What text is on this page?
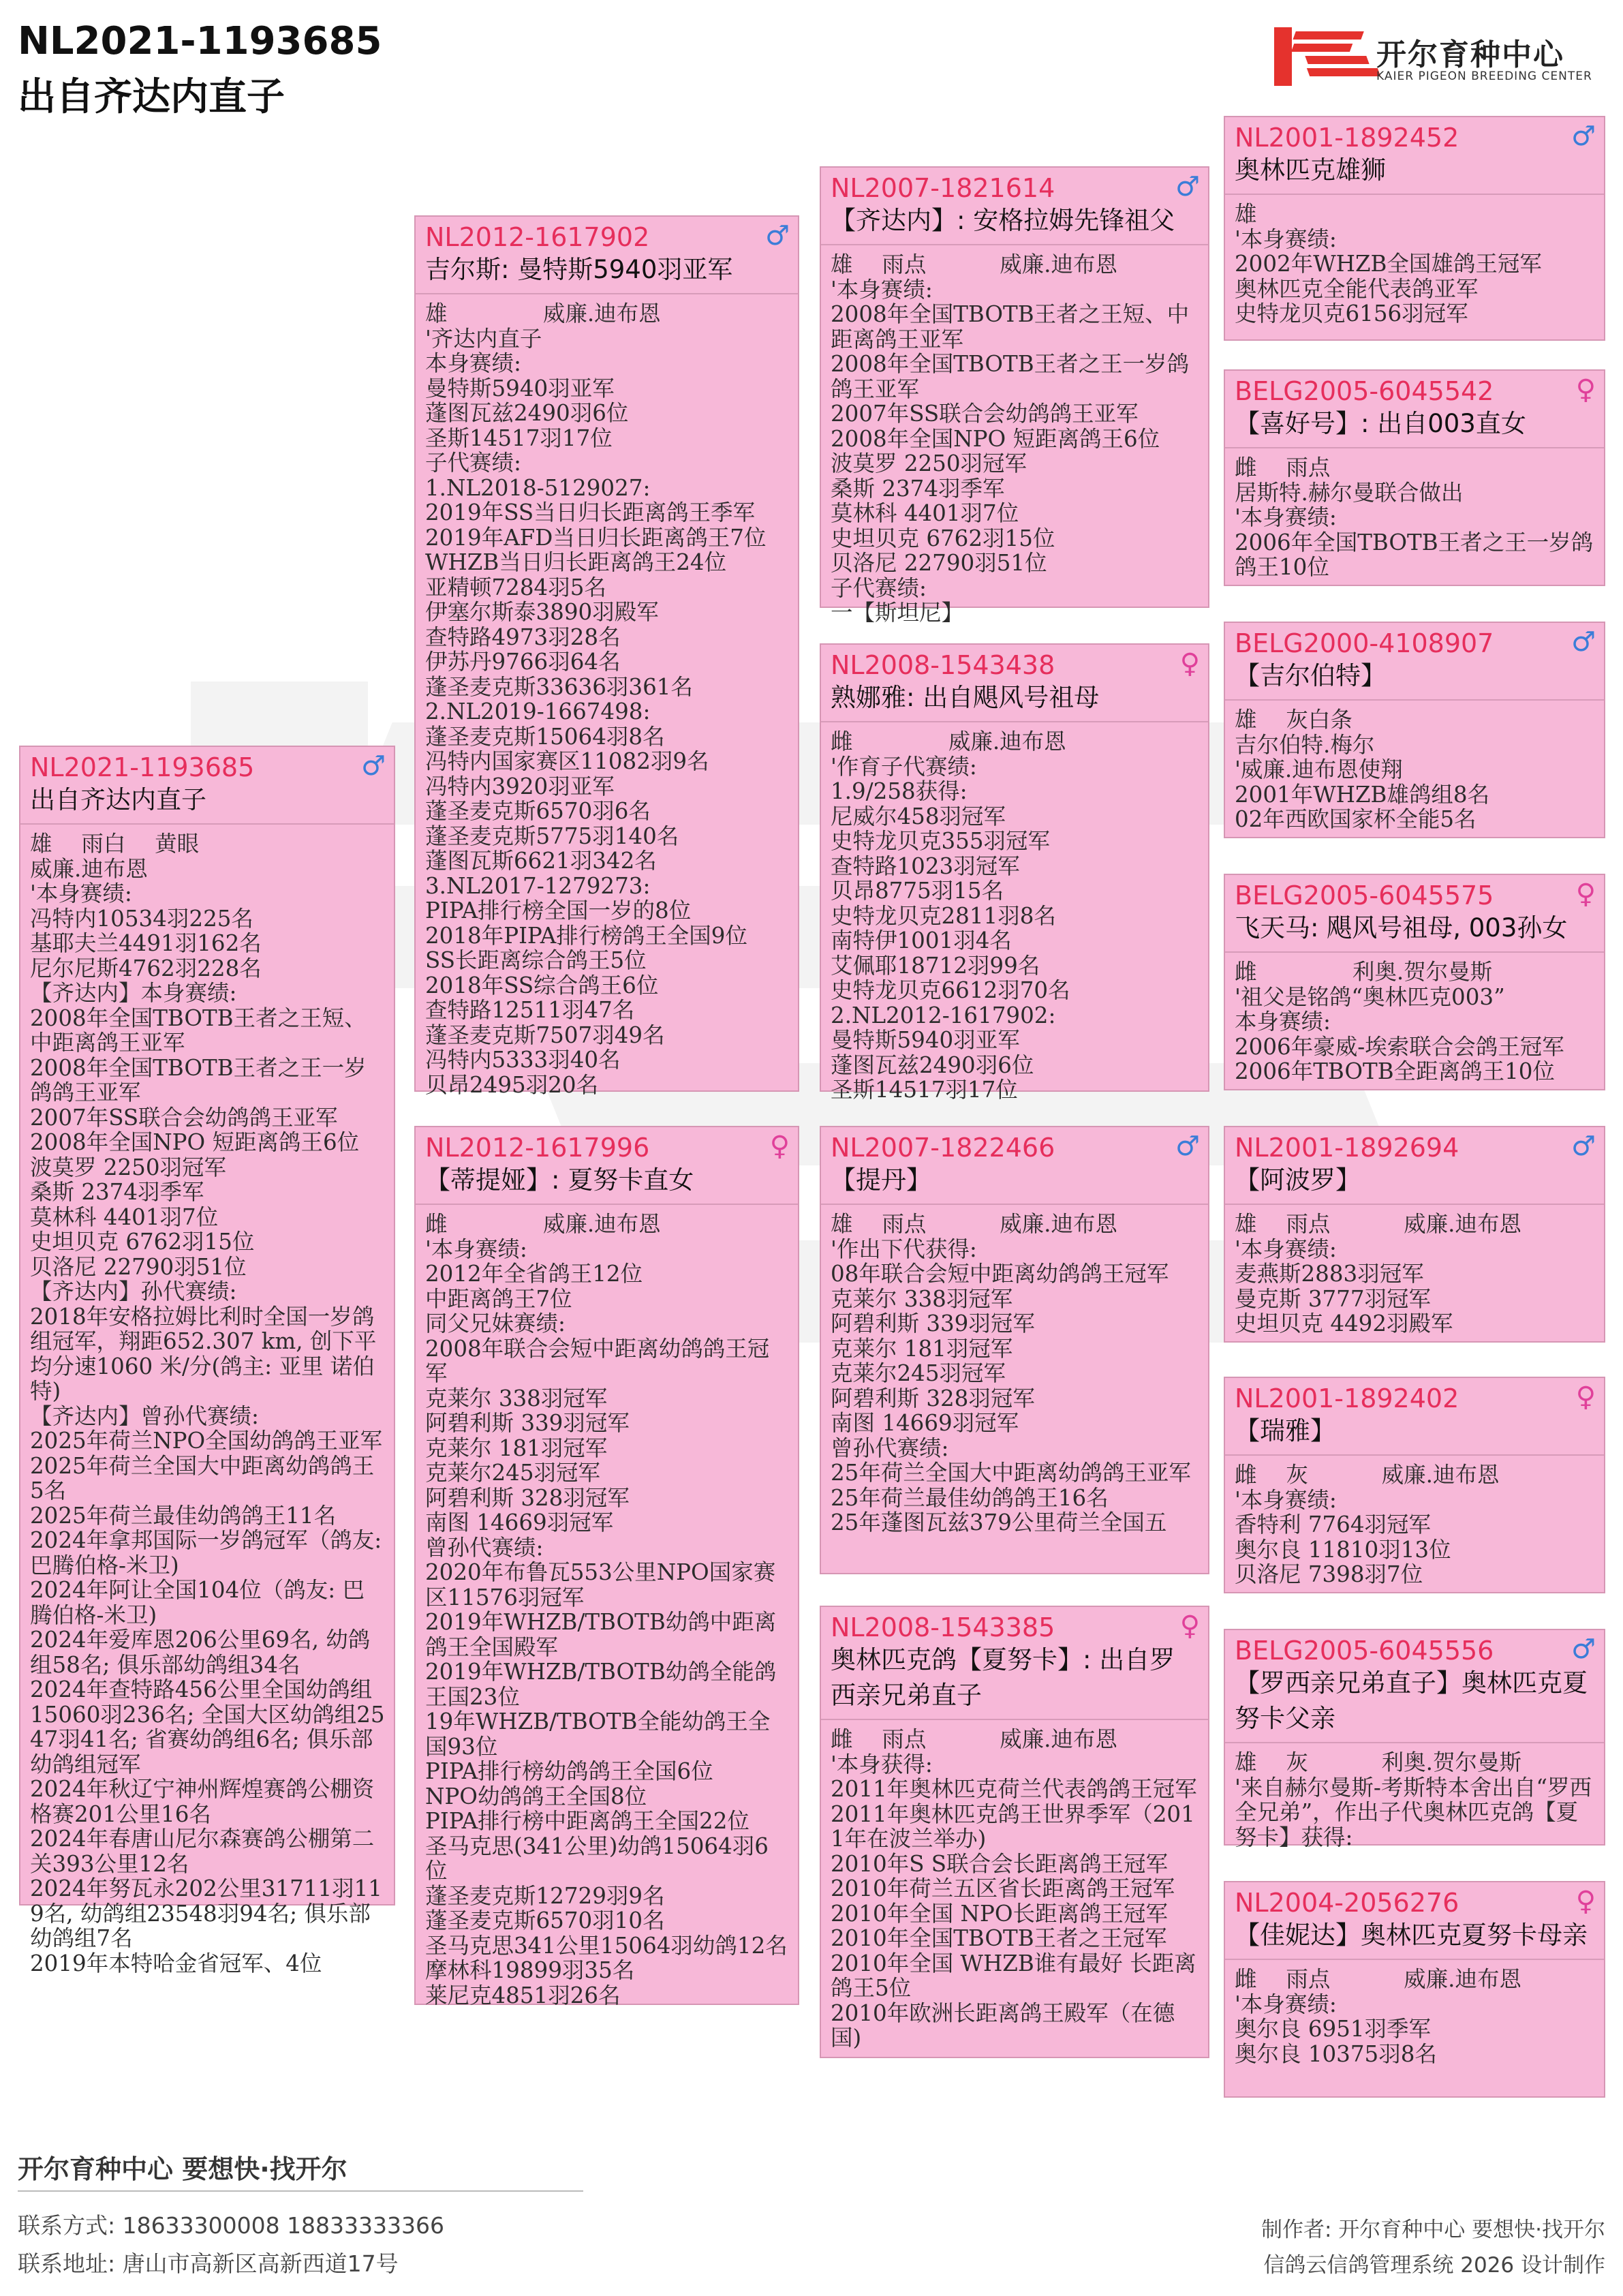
NL2021-1193685
出自齐达内直子
开尔育种中心
KAIER PIGEON BREEDING CENTER
NL2021-1193685	♂
出自齐达内直子
雄　 雨白　 黄眼
威廉.迪布恩
'本身赛绩:
冯特内10534羽225名
基耶夫兰4491羽162名
尼尔尼斯4762羽228名
【齐达内】本身赛绩:
2008年全国TBOTB王者之王短、中距离鸽王亚军
2008年全国TBOTB王者之王一岁鸽鸽王亚军
2007年SS联合会幼鸽鸽王亚军
2008年全国NPO 短距离鸽王6位
波莫罗 2250羽冠军
桑斯 2374羽季军
莫林科 4401羽7位
史坦贝克 6762羽15位
贝洛尼 22790羽51位
【齐达内】孙代赛绩:
2018年安格拉姆比利时全国一岁鸽组冠军，翔距652.307 km, 创下平均分速1060 米/分(鸽主: 亚里 诺伯特)
【齐达内】曾孙代赛绩:
2025年荷兰NPO全国幼鸽鸽王亚军
2025年荷兰全国大中距离幼鸽鸽王5名
2025年荷兰最佳幼鸽鸽王11名
2024年拿邦国际一岁鸽冠军（鸽友: 巴腾伯格-米卫)
2024年阿让全国104位（鸽友: 巴腾伯格-米卫)
2024年爱库恩206公里69名, 幼鸽组58名; 俱乐部幼鸽组34名
2024年查特路456公里全国幼鸽组15060羽236名; 全国大区幼鸽组2547羽41名; 省赛幼鸽组6名; 俱乐部幼鸽组冠军
2024年秋辽宁神州辉煌赛鸽公棚资格赛201公里16名
2024年春唐山尼尔森赛鸽公棚第二关393公里12名
2024年努瓦永202公里31711羽119名, 幼鸽组23548羽94名; 俱乐部幼鸽组7名
2019年本特哈金省冠军、4位
NL2012-1617902	♂
吉尔斯: 曼特斯5940羽亚军
雄　　　　 威廉.迪布恩
'齐达内直子
本身赛绩:
曼特斯5940羽亚军
蓬图瓦兹2490羽6位
圣斯14517羽17位
子代赛绩:
1.NL2018-5129027:
2019年SS当日归长距离鸽王季军
2019年AFD当日归长距离鸽王7位
WHZB当日归长距离鸽王24位
亚精顿7284羽5名
伊塞尔斯泰3890羽殿军
查特路4973羽28名
伊苏丹9766羽64名
蓬圣麦克斯33636羽361名
2.NL2019-1667498:
蓬圣麦克斯15064羽8名
冯特内国家赛区11082羽9名
冯特内3920羽亚军
蓬圣麦克斯6570羽6名
蓬圣麦克斯5775羽140名
蓬图瓦斯6621羽342名
3.NL2017-1279273:
PIPA排行榜全国一岁的8位
2018年PIPA排行榜鸽王全国9位
SS长距离综合鸽王5位
2018年SS综合鸽王6位
查特路12511羽47名
蓬圣麦克斯7507羽49名
冯特内5333羽40名
贝昂2495羽20名
NL2012-1617996	♀
【蒂提娅】: 夏努卡直女
雌　　　　 威廉.迪布恩
'本身赛绩:
2012年全省鸽王12位
中距离鸽王7位
同父兄妹赛绩:
2008年联合会短中距离幼鸽鸽王冠军
克莱尔 338羽冠军
阿碧利斯 339羽冠军
克莱尔 181羽冠军
克莱尔245羽冠军
阿碧利斯 328羽冠军
南图 14669羽冠军
曾孙代赛绩:
2020年布鲁瓦553公里NPO国家赛区11576羽冠军
2019年WHZB/TBOTB幼鸽中距离鸽王全国殿军
2019年WHZB/TBOTB幼鸽全能鸽王国23位
19年WHZB/TBOTB全能幼鸽王全国93位
PIPA排行榜幼鸽鸽王全国6位
NPO幼鸽鸽王全国8位
PIPA排行榜中距离鸽王全国22位
圣马克思(341公里)幼鸽15064羽6位
蓬圣麦克斯12729羽9名
蓬圣麦克斯6570羽10名
圣马克思341公里15064羽幼鸽12名
摩林科19899羽35名
莱尼克4851羽26名
NL2007-1821614	♂
【齐达内】: 安格拉姆先锋祖父
雄　 雨点　　　 威廉.迪布恩
'本身赛绩:
2008年全国TBOTB王者之王短、中距离鸽王亚军
2008年全国TBOTB王者之王一岁鸽鸽王亚军
2007年SS联合会幼鸽鸽王亚军
2008年全国NPO 短距离鸽王6位
波莫罗 2250羽冠军
桑斯 2374羽季军
莫林科 4401羽7位
史坦贝克 6762羽15位
贝洛尼 22790羽51位
子代赛绩:
一【斯坦尼】
NL2008-1543438	♀
熟娜雅: 出自飓风号祖母
雌　　　　 威廉.迪布恩
'作育子代赛绩:
1.9/258获得:
尼威尔458羽冠军
史特龙贝克355羽冠军
查特路1023羽冠军
贝昂8775羽15名
史特龙贝克2811羽8名
南特伊1001羽4名
艾佩耶18712羽99名
史特龙贝克6612羽70名
2.NL2012-1617902:
曼特斯5940羽亚军
蓬图瓦兹2490羽6位
圣斯14517羽17位
NL2007-1822466	♂
【提丹】
雄　 雨点　　　 威廉.迪布恩
'作出下代获得:
08年联合会短中距离幼鸽鸽王冠军
克莱尔 338羽冠军
阿碧利斯 339羽冠军
克莱尔 181羽冠军
克莱尔245羽冠军
阿碧利斯 328羽冠军
南图 14669羽冠军
曾孙代赛绩:
25年荷兰全国大中距离幼鸽鸽王亚军
25年荷兰最佳幼鸽鸽王16名
25年蓬图瓦兹379公里荷兰全国五
NL2008-1543385	♀
奥林匹克鸽【夏努卡】: 出自罗西亲兄弟直子
雌　 雨点　　　 威廉.迪布恩
'本身获得:
2011年奥林匹克荷兰代表鸽鸽王冠军
2011年奥林匹克鸽王世界季军（2011年在波兰举办)
2010年S S联合会长距离鸽王冠军
2010年荷兰五区省长距离鸽王冠军
2010年全国 NPO长距离鸽王冠军
2010年全国TBOTB王者之王冠军
2010年全国 WHZB谁有最好 长距离鸽王5位
2010年欧洲长距离鸽王殿军（在德国)
NL2001-1892452	♂
奥林匹克雄狮
雄
'本身赛绩:
2002年WHZB全国雄鸽王冠军
奥林匹克全能代表鸽亚军
史特龙贝克6156羽冠军
BELG2005-6045542	♀
【喜好号】: 出自003直女
雌　 雨点
居斯特.赫尔曼联合做出
'本身赛绩:
2006年全国TBOTB王者之王一岁鸽鸽王10位
BELG2000-4108907	♂
【吉尔伯特】
雄　 灰白条
吉尔伯特.梅尔
'威廉.迪布恩使翔
2001年WHZB雄鸽组8名
02年西欧国家杯全能5名
BELG2005-6045575	♀
飞天马: 飓风号祖母, 003孙女
雌　　　　 利奥.贺尔曼斯
'祖父是铭鸽“奥林匹克003”
本身赛绩:
2006年豪威-埃索联合会鸽王冠军
2006年TBOTB全距离鸽王10位
NL2001-1892694	♂
【阿波罗】
雄　 雨点　　　 威廉.迪布恩
'本身赛绩:
麦燕斯2883羽冠军
曼克斯 3777羽冠军
史坦贝克 4492羽殿军
NL2001-1892402	♀
【瑞雅】
雌　 灰　　　 威廉.迪布恩
'本身赛绩:
香特利 7764羽冠军
奥尔良 11810羽13位
贝洛尼 7398羽7位
BELG2005-6045556	♂
【罗西亲兄弟直子】奥林匹克夏努卡父亲
雄　 灰　　　 利奥.贺尔曼斯
'来自赫尔曼斯-考斯特本舍出自“罗西全兄弟”，作出子代奥林匹克鸽【夏努卡】获得:
NL2004-2056276	♀
【佳妮达】奥林匹克夏努卡母亲
雌　 雨点　　　 威廉.迪布恩
'本身赛绩:
奥尔良 6951羽季军
奥尔良 10375羽8名
开尔育种中心 要想快·找开尔
联系方式: 18633300008 18833333366
联系地址: 唐山市高新区高新西道17号
制作者: 开尔育种中心 要想快·找开尔
信鸽云信鸽管理系统 2026 设计制作
